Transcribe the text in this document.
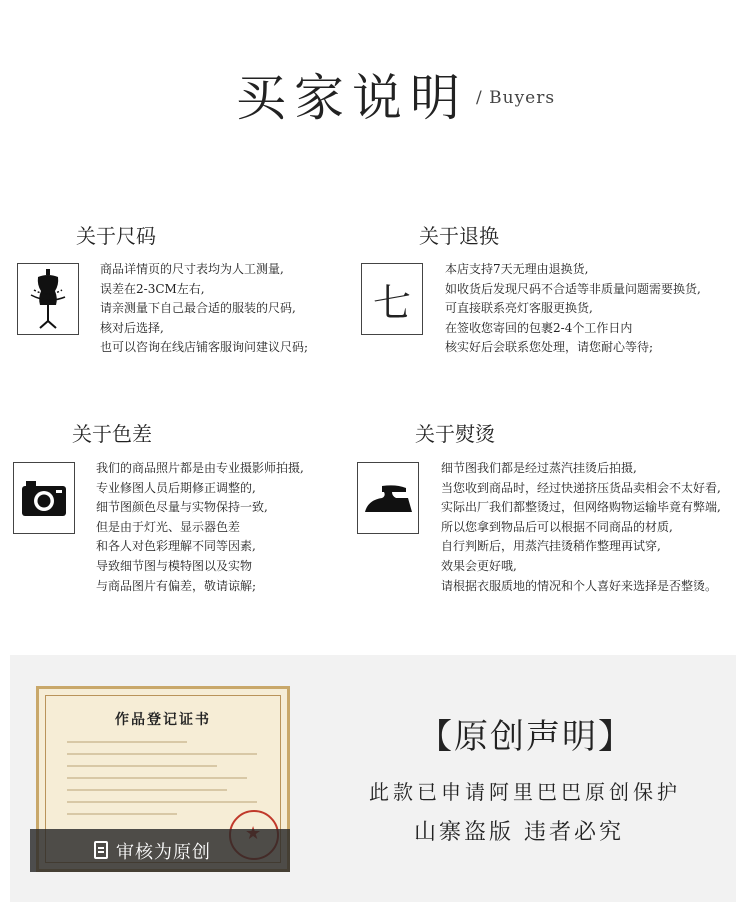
买家说明 / Buyers
关于尺码
商品详情页的尺寸表均为人工测量,
误差在2-3CM左右,
请亲测量下自己最合适的服装的尺码,
核对后选择,
也可以咨询在线店铺客服询问建议尺码;
关于退换
七
本店支持7天无理由退换货,
如收货后发现尺码不合适等非质量问题需要换货,
可直接联系亮灯客服更换货,
在签收您寄回的包裹2-4个工作日内
核实好后会联系您处理，请您耐心等待;
关于色差
我们的商品照片都是由专业摄影师拍摄,
专业修图人员后期修正调整的,
细节图颜色尽量与实物保持一致,
但是由于灯光、显示器色差
和各人对色彩理解不同等因素,
导致细节图与模特图以及实物
与商品图片有偏差，敬请谅解;
关于熨烫
细节图我们都是经过蒸汽挂烫后拍摄,
当您收到商品时，经过快递挤压货品卖相会不太好看,
实际出厂我们都整烫过，但网络购物运输毕竟有弊端,
所以您拿到物品后可以根据不同商品的材质,
自行判断后，用蒸汽挂烫稍作整理再试穿,
效果会更好哦,
请根据衣服质地的情况和个人喜好来选择是否整烫。
作品登记证书
★
审核为原创
【原创声明】
此款已申请阿里巴巴原创保护
山寨盗版 违者必究
